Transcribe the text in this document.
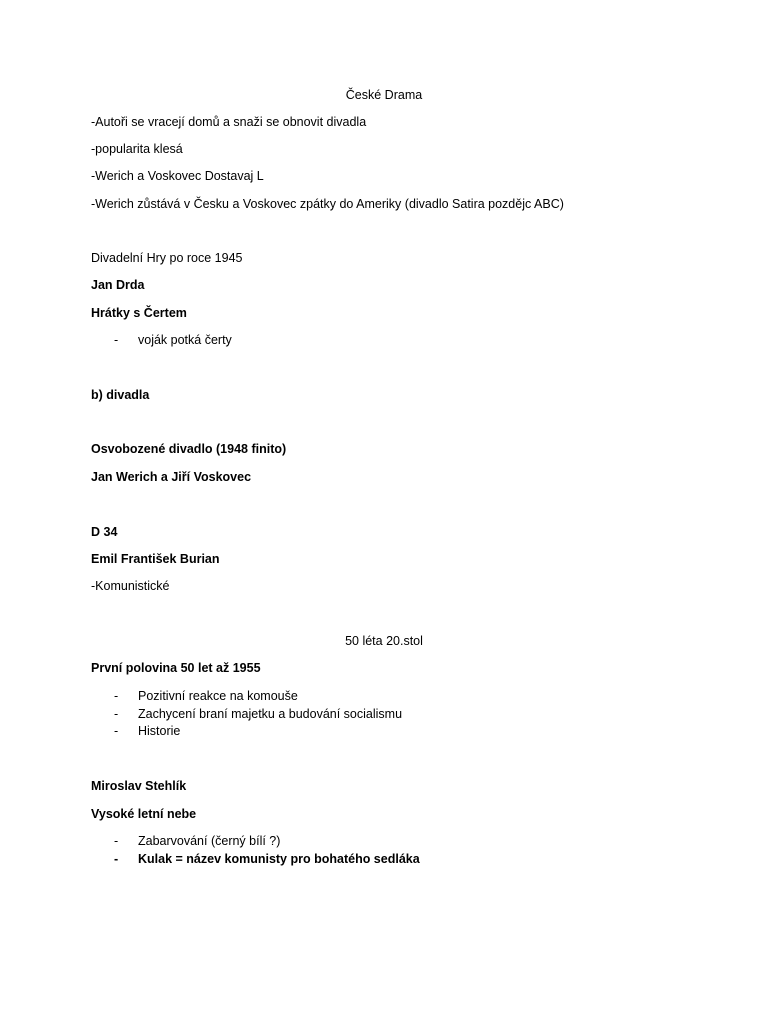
České Drama
-Autoři se vracejí domů a snaži se obnovit divadla
-popularita klesá
-Werich a Voskovec Dostavaj L
-Werich zůstává v Česku a Voskovec zpátky do Ameriky (divadlo Satira pozdějc ABC)
Divadelní Hry po roce 1945
Jan Drda
Hrátky s Čertem
- voják potká čerty
b) divadla
Osvobozené divadlo (1948 finito)
Jan Werich a Jiří Voskovec
D 34
Emil František Burian
-Komunistické
50 léta 20.stol
První polovina 50 let až 1955
- Pozitivní reakce na komouše
- Zachycení braní majetku a budování socialismu
- Historie
Miroslav Stehlík
Vysoké letní nebe
- Zabarvování (černý bílí ?)
- Kulak = název komunisty pro bohatého sedláka
